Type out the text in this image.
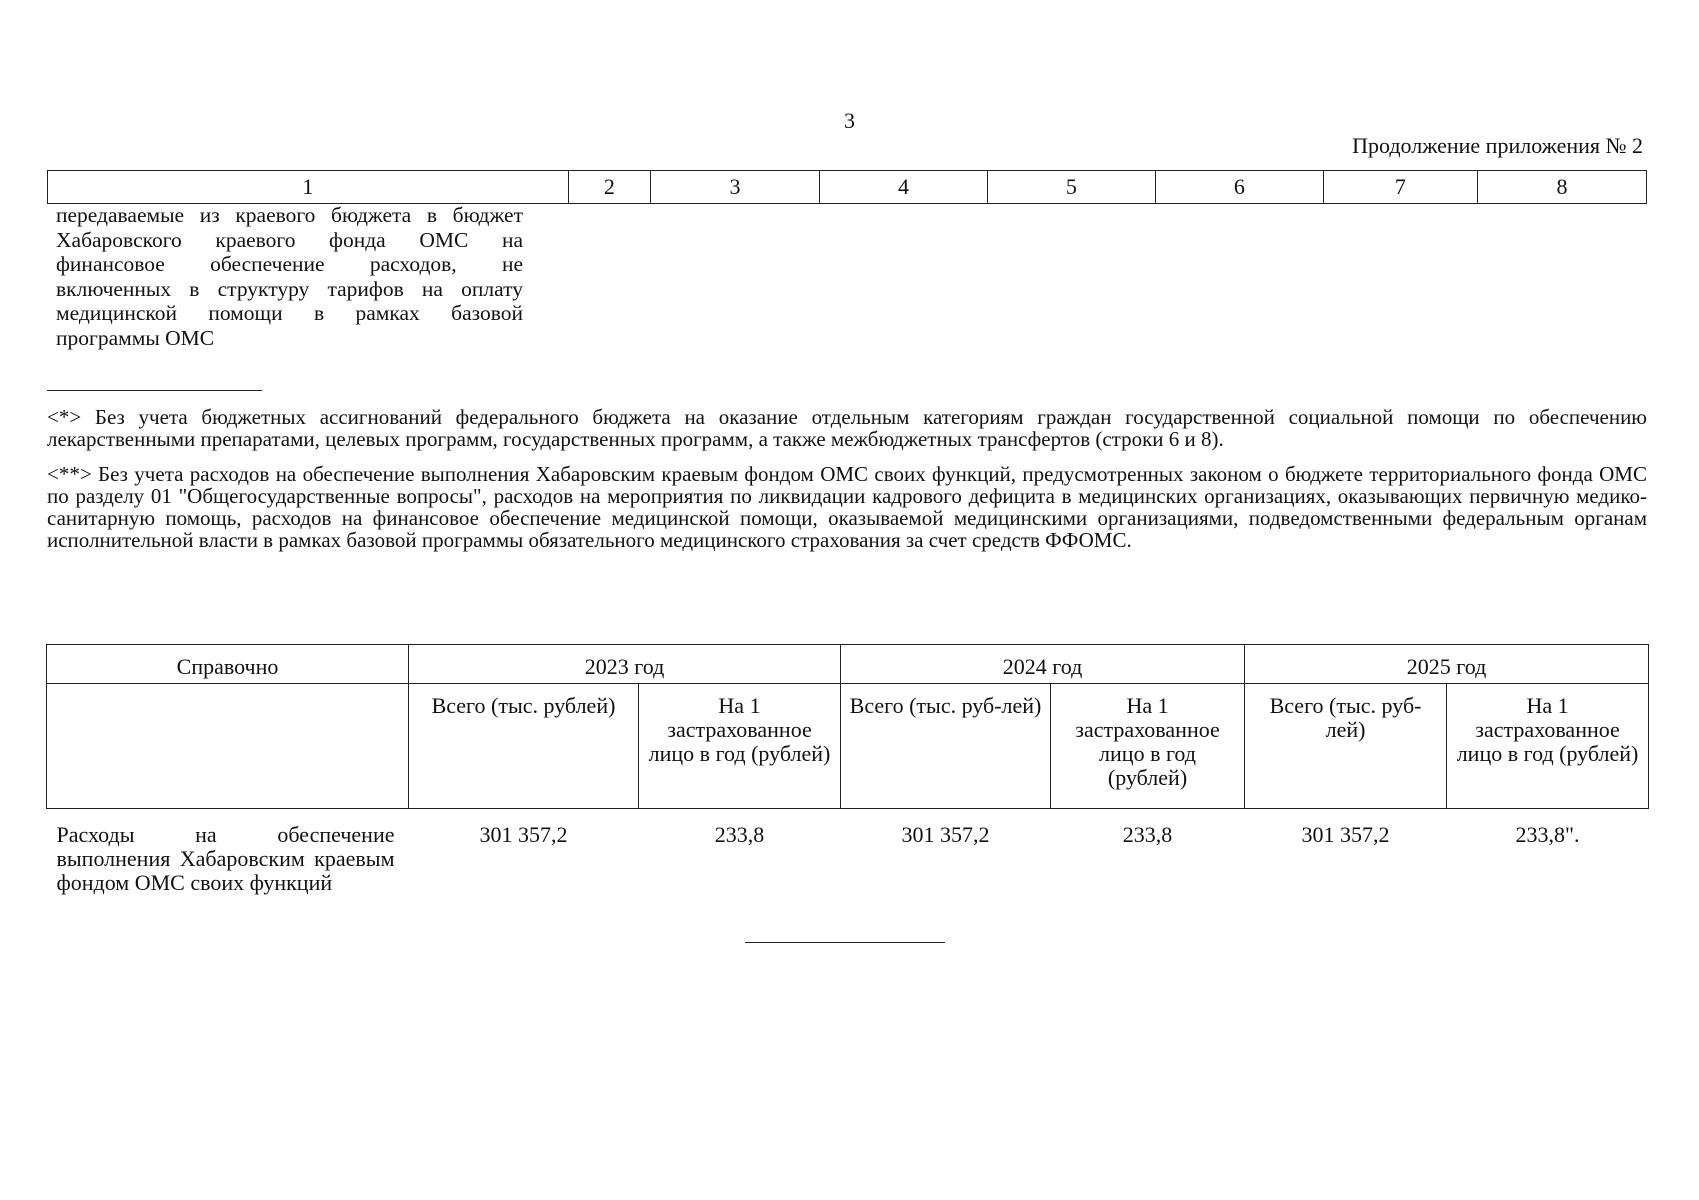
3
Продолжение приложения № 2
1	2	3	4	5	6	7	8
передаваемые из краевого бюджета в бюджет Хабаровского краевого фонда ОМС на финансовое обеспечение расходов, не включенных в структуру тарифов на оплату медицинской помощи в рамках базовой программы ОМС
<*> Без учета бюджетных ассигнований федерального бюджета на оказание отдельным категориям граждан государственной социальной помощи по обеспечению лекарственными препаратами, целевых программ, государственных программ, а также межбюджетных трансфертов (строки 6 и 8).
<**> Без учета расходов на обеспечение выполнения Хабаровским краевым фондом ОМС своих функций, предусмотренных законом о бюджете территориального фонда ОМС по разделу 01 "Общегосударственные вопросы", расходов на мероприятия по ликвидации кадрового дефицита в медицинских организациях, оказывающих первичную медико-санитарную помощь, расходов на финансовое обеспечение медицинской помощи, оказываемой медицинскими организациями, подведомственными федеральным органам исполнительной власти в рамках базовой программы обязательного медицинского страхования за счет средств ФФОМС.
Справочно	2023 год		2024 год		2025 год	
	Всего (тыс. рублей)	На 1 застрахованное лицо в год (рублей)	Всего (тыс. руб-лей)	На 1 застрахованное лицо в год (рублей)	Всего (тыс. руб-лей)	На 1 застрахованное лицо в год (рублей)
Расходы на обеспечение выполнения Хабаровским краевым фондом ОМС своих функций	301 357,2	233,8	301 357,2	233,8	301 357,2	233,8".
